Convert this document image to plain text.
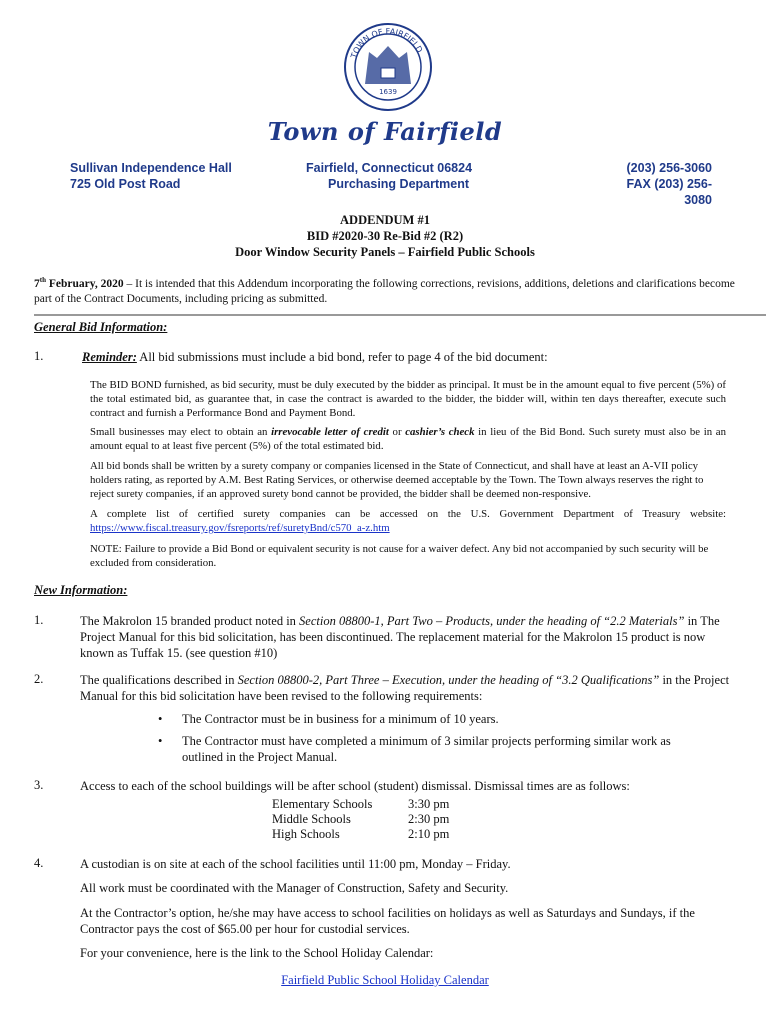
TOWN OF FAIRFIELD
1639
Town of Fairfield
Sullivan Independence Hall
725 Old Post Road
Fairfield, Connecticut 06824
Purchasing Department
(203) 256-3060
FAX (203) 256-3080
ADDENDUM #1
BID #2020-30 Re-Bid #2 (R2)
Door Window Security Panels – Fairfield Public Schools
7th February, 2020 – It is intended that this Addendum incorporating the following corrections, revisions, additions, deletions and clarifications become part of the Contract Documents, including pricing as submitted.
General Bid Information:
1.	Reminder: All bid submissions must include a bid bond, refer to page 4 of the bid document:
The BID BOND furnished, as bid security, must be duly executed by the bidder as principal. It must be in the amount equal to five percent (5%) of the total estimated bid, as guarantee that, in case the contract is awarded to the bidder, the bidder will, within ten days thereafter, execute such contract and furnish a Performance Bond and Payment Bond.
Small businesses may elect to obtain an irrevocable letter of credit or cashier’s check in lieu of the Bid Bond. Such surety must also be in an amount equal to at least five percent (5%) of the total estimated bid.
All bid bonds shall be written by a surety company or companies licensed in the State of Connecticut, and shall have at least an A-VII policy holders rating, as reported by A.M. Best Rating Services, or otherwise deemed acceptable by the Town. The Town always reserves the right to reject surety companies, if an approved surety bond cannot be provided, the bidder shall be deemed non-responsive.
A complete list of certified surety companies can be accessed on the U.S. Government Department of Treasury website:
https://www.fiscal.treasury.gov/fsreports/ref/suretyBnd/c570_a-z.htm
NOTE: Failure to provide a Bid Bond or equivalent security is not cause for a waiver defect. Any bid not accompanied by such security will be excluded from consideration.
New Information:
1.	The Makrolon 15 branded product noted in Section 08800-1, Part Two – Products, under the heading of “2.2 Materials” in The Project Manual for this bid solicitation, has been discontinued. The replacement material for the Makrolon 15 product is now known as Tuffak 15. (see question #10)
2.	The qualifications described in Section 08800-2, Part Three – Execution, under the heading of “3.2 Qualifications” in the Project Manual for this bid solicitation have been revised to the following requirements:
• The Contractor must be in business for a minimum of 10 years.
• The Contractor must have completed a minimum of 3 similar projects performing similar work as outlined in the Project Manual.
3.	Access to each of the school buildings will be after school (student) dismissal. Dismissal times are as follows:
Elementary Schools	3:30 pm
Middle Schools	2:30 pm
High Schools	2:10 pm
4.	A custodian is on site at each of the school facilities until 11:00 pm, Monday – Friday.
All work must be coordinated with the Manager of Construction, Safety and Security.
At the Contractor’s option, he/she may have access to school facilities on holidays as well as Saturdays and Sundays, if the Contractor pays the cost of $65.00 per hour for custodial services.
For your convenience, here is the link to the School Holiday Calendar:
Fairfield Public School Holiday Calendar
